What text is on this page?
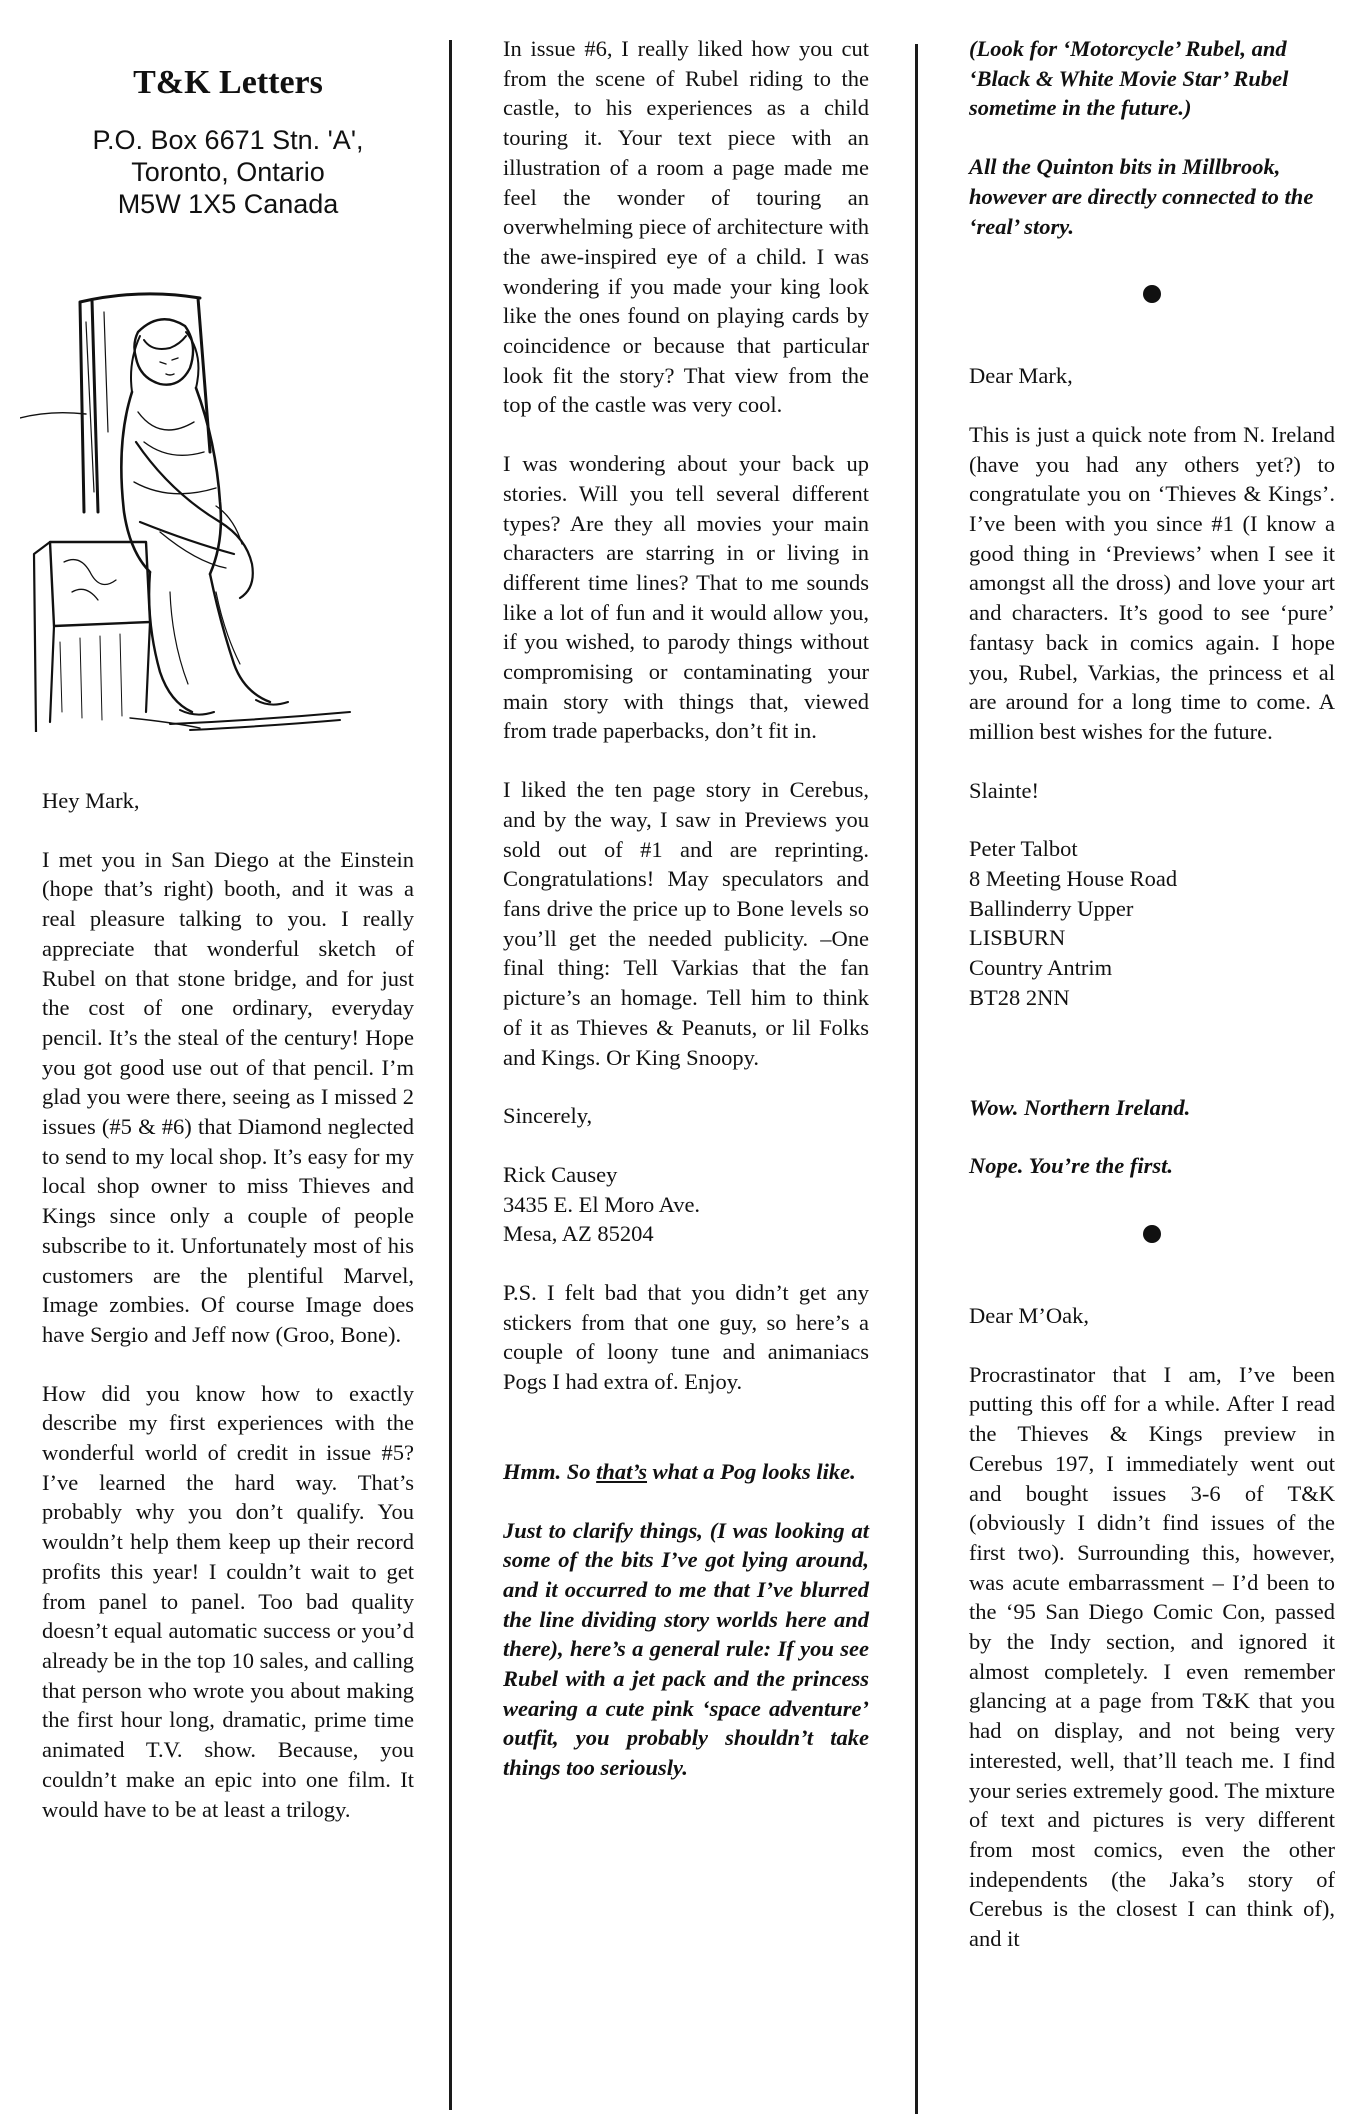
T&K Letters
P.O. Box 6671 Stn. 'A',
Toronto, Ontario
M5W 1X5 Canada

Hey Mark,

I met you in San Diego at the Einstein (hope that’s right) booth, and it was a real pleasure talking to you. I really appreciate that wonderful sketch of Rubel on that stone bridge, and for just the cost of one ordinary, everyday pencil. It’s the steal of the century! Hope you got good use out of that pencil. I’m glad you were there, seeing as I missed 2 issues (#5 & #6) that Diamond neglected to send to my local shop. It’s easy for my local shop owner to miss Thieves and Kings since only a couple of people subscribe to it. Unfortunately most of his customers are the plentiful Marvel, Image zombies. Of course Image does have Sergio and Jeff now (Groo, Bone).

How did you know how to exactly describe my first experiences with the wonderful world of credit in issue #5? I’ve learned the hard way. That’s probably why you don’t qualify. You wouldn’t help them keep up their record profits this year! I couldn’t wait to get from panel to panel. Too bad quality doesn’t equal automatic success or you’d already be in the top 10 sales, and calling that person who wrote you about making the first hour long, dramatic, prime time animated T.V. show. Because, you couldn’t make an epic into one film. It would have to be at least a trilogy.

In issue #6, I really liked how you cut from the scene of Rubel riding to the castle, to his experiences as a child touring it. Your text piece with an illustration of a room a page made me feel the wonder of touring an overwhelming piece of architecture with the awe-inspired eye of a child. I was wondering if you made your king look like the ones found on playing cards by coincidence or because that particular look fit the story? That view from the top of the castle was very cool.

I was wondering about your back up stories. Will you tell several different types? Are they all movies your main characters are starring in or living in different time lines? That to me sounds like a lot of fun and it would allow you, if you wished, to parody things without compromising or contaminating your main story with things that, viewed from trade paperbacks, don’t fit in.

I liked the ten page story in Cerebus, and by the way, I saw in Previews you sold out of #1 and are reprinting. Congratulations! May speculators and fans drive the price up to Bone levels so you’ll get the needed publicity. –One final thing: Tell Varkias that the fan picture’s an homage. Tell him to think of it as Thieves & Peanuts, or lil Folks and Kings. Or King Snoopy.

Sincerely,

Rick Causey
3435 E. El Moro Ave.
Mesa, AZ 85204

P.S. I felt bad that you didn’t get any stickers from that one guy, so here’s a couple of loony tune and animaniacs Pogs I had extra of. Enjoy.

Hmm. So that’s what a Pog looks like.

Just to clarify things, (I was looking at some of the bits I’ve got lying around, and it occurred to me that I’ve blurred the line dividing story worlds here and there), here’s a general rule: If you see Rubel with a jet pack and the princess wearing a cute pink ‘space adventure’ outfit, you probably shouldn’t take things too seriously.

(Look for ‘Motorcycle’ Rubel, and ‘Black & White Movie Star’ Rubel sometime in the future.)

All the Quinton bits in Millbrook, however are directly connected to the ‘real’ story.

Dear Mark,

This is just a quick note from N. Ireland (have you had any others yet?) to congratulate you on ‘Thieves & Kings’. I’ve been with you since #1 (I know a good thing in ‘Previews’ when I see it amongst all the dross) and love your art and characters. It’s good to see ‘pure’ fantasy back in comics again. I hope you, Rubel, Varkias, the princess et al are around for a long time to come. A million best wishes for the future.

Slainte!

Peter Talbot
8 Meeting House Road
Ballinderry Upper
LISBURN
Country Antrim
BT28 2NN

Wow. Northern Ireland.

Nope. You’re the first.

Dear M’Oak,

Procrastinator that I am, I’ve been putting this off for a while. After I read the Thieves & Kings preview in Cerebus 197, I immediately went out and bought issues 3-6 of T&K (obviously I didn’t find issues of the first two). Surrounding this, however, was acute embarrassment – I’d been to the ‘95 San Diego Comic Con, passed by the Indy section, and ignored it almost completely. I even remember glancing at a page from T&K that you had on display, and not being very interested, well, that’ll teach me. I find your series extremely good. The mixture of text and pictures is very different from most comics, even the other independents (the Jaka’s story of Cerebus is the closest I can think of), and it
